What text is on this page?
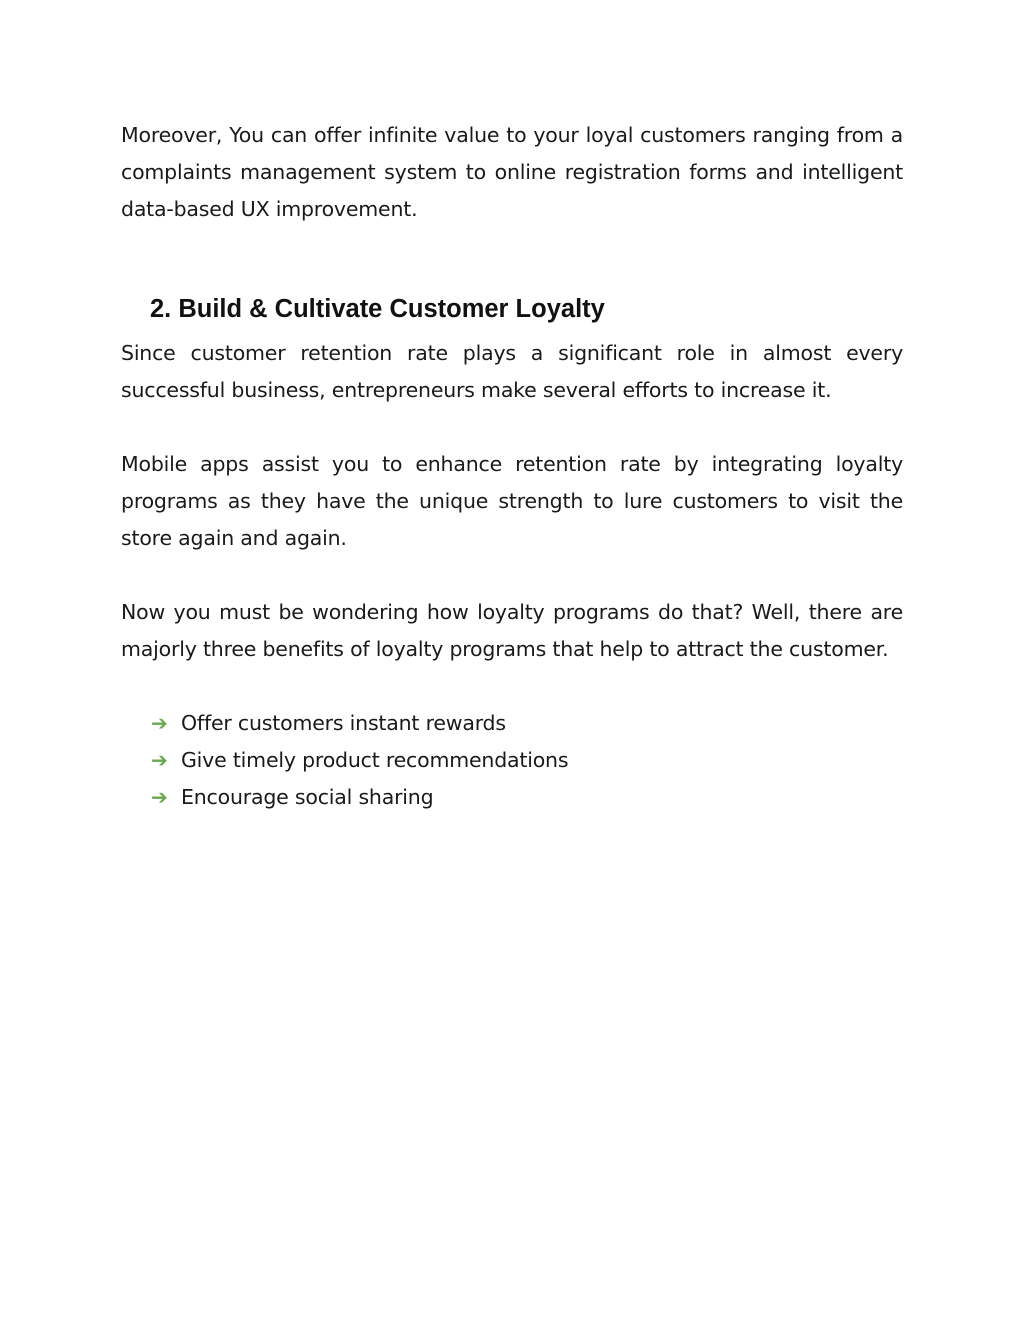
Moreover, You can offer infinite value to your loyal customers ranging from a complaints management system to online registration forms and intelligent data-based UX improvement.

2. Build & Cultivate Customer Loyalty

Since customer retention rate plays a significant role in almost every successful business, entrepreneurs make several efforts to increase it.

Mobile apps assist you to enhance retention rate by integrating loyalty programs as they have the unique strength to lure customers to visit the store again and again.

Now you must be wondering how loyalty programs do that? Well, there are majorly three benefits of loyalty programs that help to attract the customer.

➔ Offer customers instant rewards
➔ Give timely product recommendations
➔ Encourage social sharing
